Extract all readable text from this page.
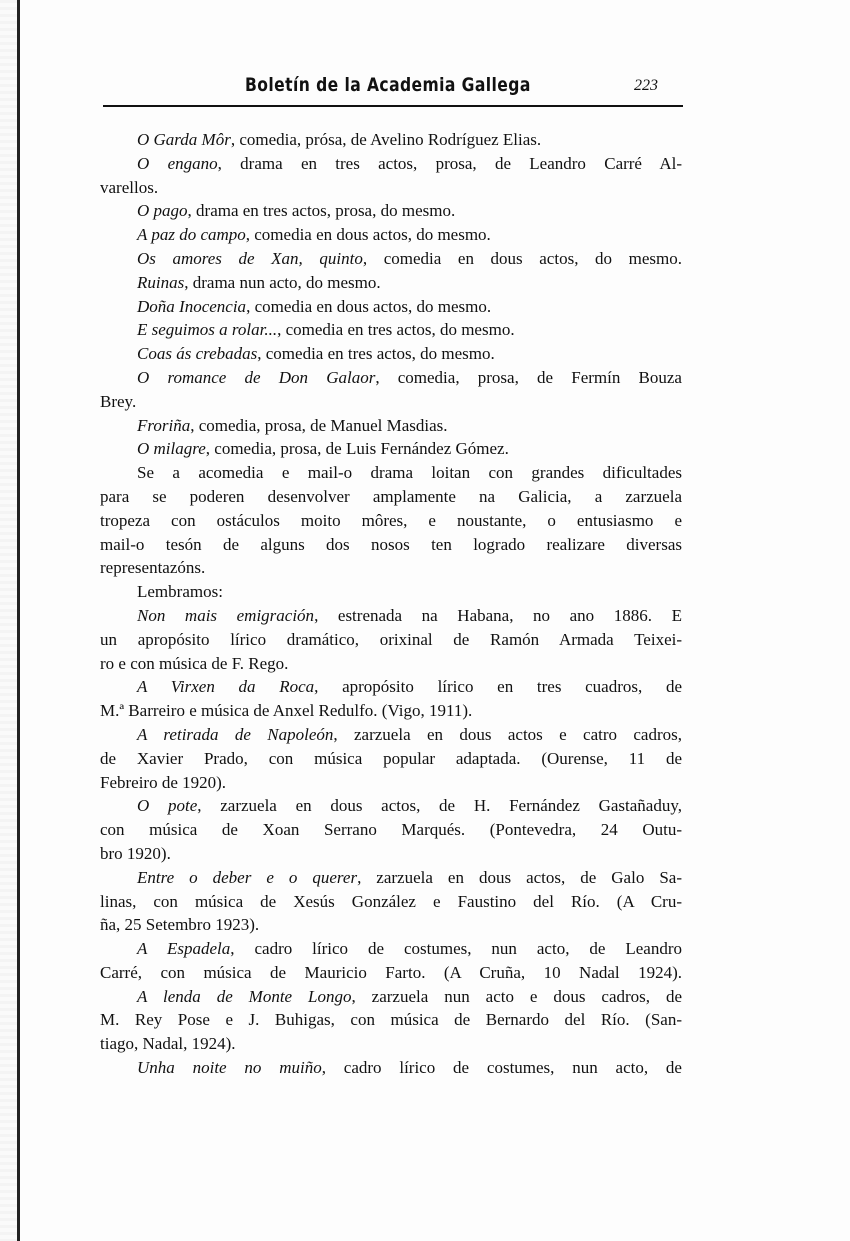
Boletín de la Academia Gallega	223
O Garda Môr, comedia, prósa, de Avelino Rodríguez Elias.
O engano, drama en tres actos, prosa, de Leandro Carré Al-
varellos.
O pago, drama en tres actos, prosa, do mesmo.
A paz do campo, comedia en dous actos, do mesmo.
Os amores de Xan, quinto, comedia en dous actos, do mesmo.
Ruinas, drama nun acto, do mesmo.
Doña Inocencia, comedia en dous actos, do mesmo.
E seguimos a rolar..., comedia en tres actos, do mesmo.
Coas ás crebadas, comedia en tres actos, do mesmo.
O romance de Don Galaor, comedia, prosa, de Fermín Bouza
Brey.
Froriña, comedia, prosa, de Manuel Masdias.
O milagre, comedia, prosa, de Luis Fernández Gómez.
Se a acomedia e mail-o drama loitan con grandes dificultades
para se poderen desenvolver amplamente na Galicia, a zarzuela
tropeza con ostáculos moito môres, e noustante, o entusiasmo e
mail-o tesón de alguns dos nosos ten logrado realizare diversas
representazóns.
Lembramos:
Non mais emigración, estrenada na Habana, no ano 1886. E
un apropósito lírico dramático, orixinal de Ramón Armada Teixei-
ro e con música de F. Rego.
A Virxen da Roca, apropósito lírico en tres cuadros, de
M.ª Barreiro e música de Anxel Redulfo. (Vigo, 1911).
A retirada de Napoleón, zarzuela en dous actos e catro cadros,
de Xavier Prado, con música popular adaptada. (Ourense, 11 de
Febreiro de 1920).
O pote, zarzuela en dous actos, de H. Fernández Gastañaduy,
con música de Xoan Serrano Marqués. (Pontevedra, 24 Outu-
bro 1920).
Entre o deber e o querer, zarzuela en dous actos, de Galo Sa-
linas, con música de Xesús González e Faustino del Río. (A Cru-
ña, 25 Setembro 1923).
A Espadela, cadro lírico de costumes, nun acto, de Leandro
Carré, con música de Mauricio Farto. (A Cruña, 10 Nadal 1924).
A lenda de Monte Longo, zarzuela nun acto e dous cadros, de
M. Rey Pose e J. Buhigas, con música de Bernardo del Río. (San-
tiago, Nadal, 1924).
Unha noite no muiño, cadro lírico de costumes, nun acto, de
